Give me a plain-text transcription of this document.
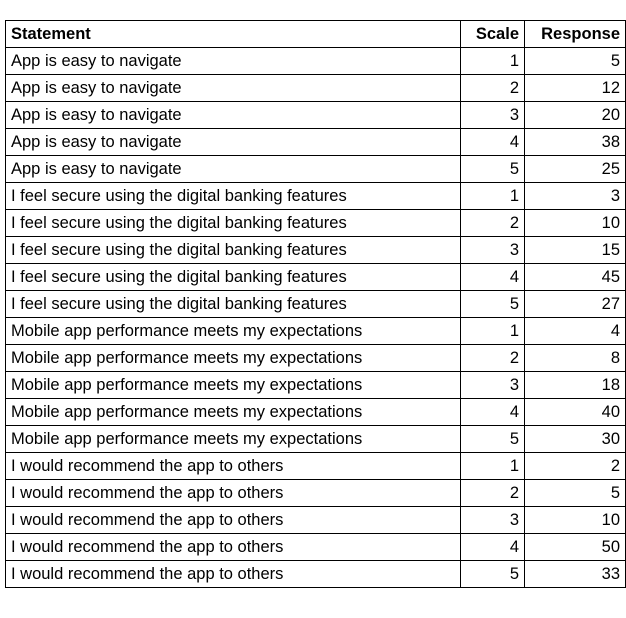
Statement	Scale	Response
App is easy to navigate	1	5
App is easy to navigate	2	12
App is easy to navigate	3	20
App is easy to navigate	4	38
App is easy to navigate	5	25
I feel secure using the digital banking features	1	3
I feel secure using the digital banking features	2	10
I feel secure using the digital banking features	3	15
I feel secure using the digital banking features	4	45
I feel secure using the digital banking features	5	27
Mobile app performance meets my expectations	1	4
Mobile app performance meets my expectations	2	8
Mobile app performance meets my expectations	3	18
Mobile app performance meets my expectations	4	40
Mobile app performance meets my expectations	5	30
I would recommend the app to others	1	2
I would recommend the app to others	2	5
I would recommend the app to others	3	10
I would recommend the app to others	4	50
I would recommend the app to others	5	33
